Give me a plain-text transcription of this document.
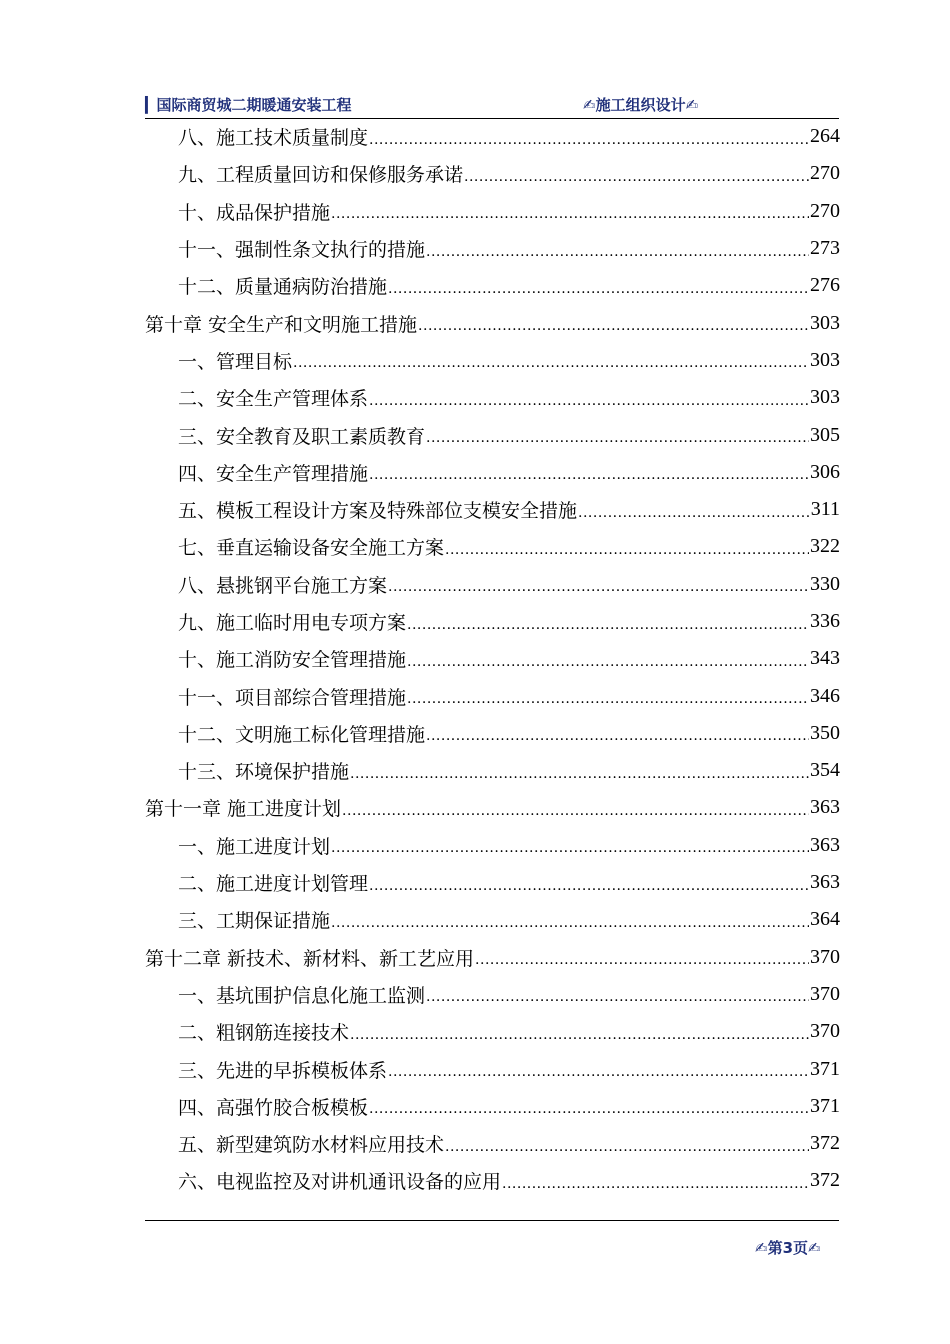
▎国际商贸城二期暖通安装工程	✍施工组织设计✍
八、施工技术质量制度 .....	264
九、工程质量回访和保修服务承诺 .....	270
十、成品保护措施 .....	270
十一、强制性条文执行的措施 .....	273
十二、质量通病防治措施 .....	276
第十章 安全生产和文明施工措施 .....	303
一、管理目标 .....	303
二、安全生产管理体系 .....	303
三、安全教育及职工素质教育 .....	305
四、安全生产管理措施 .....	306
五、模板工程设计方案及特殊部位支模安全措施 .....	311
七、垂直运输设备安全施工方案 .....	322
八、悬挑钢平台施工方案 .....	330
九、施工临时用电专项方案 .....	336
十、施工消防安全管理措施 .....	343
十一、项目部综合管理措施 .....	346
十二、文明施工标化管理措施 .....	350
十三、环境保护措施 .....	354
第十一章 施工进度计划 .....	363
一、施工进度计划 .....	363
二、施工进度计划管理 .....	363
三、工期保证措施 .....	364
第十二章 新技术、新材料、新工艺应用 .....	370
一、基坑围护信息化施工监测 .....	370
二、粗钢筋连接技术 .....	370
三、先进的早拆模板体系 .....	371
四、高强竹胶合板模板 .....	371
五、新型建筑防水材料应用技术 .....	372
六、电视监控及对讲机通讯设备的应用 .....	372
✍第3页✍
